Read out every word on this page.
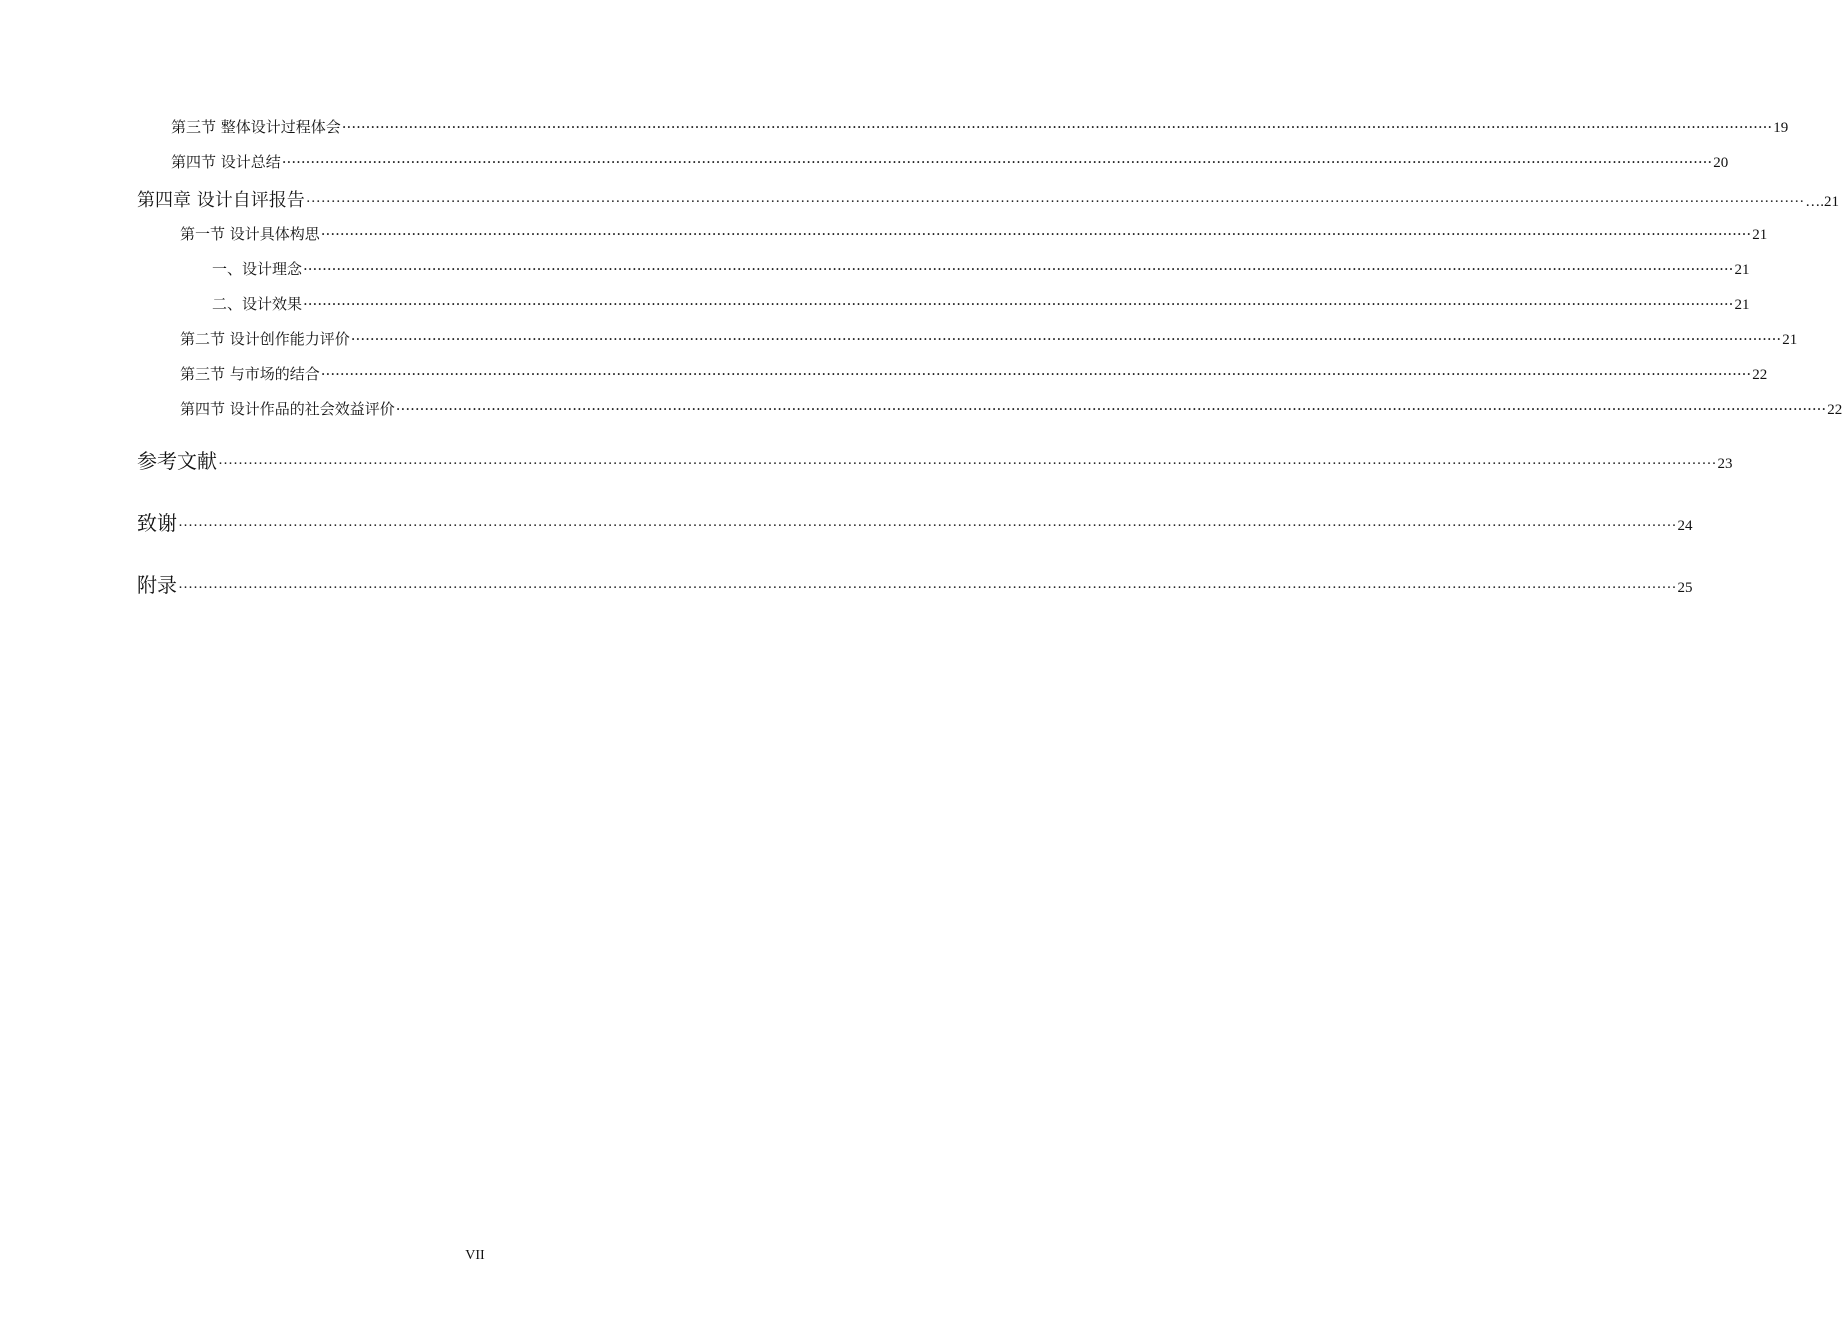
第三节 整体设计过程体会 ············································································································································································································································································································ 19
第四节 设计总结 ············································································································································································································································································································ 20
第四章 设计自评报告 ············································································································································································································································································································ ….21
第一节 设计具体构思 ············································································································································································································································································································ 21
一、设计理念 ············································································································································································································································································································ 21
二、设计效果 ············································································································································································································································································································ 21
第二节 设计创作能力评价 ············································································································································································································································································································ 21
第三节 与市场的结合 ············································································································································································································································································································ 22
第四节 设计作品的社会效益评价 ············································································································································································································································································································ 22
参考文献 ············································································································································································································································································································ 23
致谢 ············································································································································································································································································································ 24
附录 ············································································································································································································································································································ 25
VII
